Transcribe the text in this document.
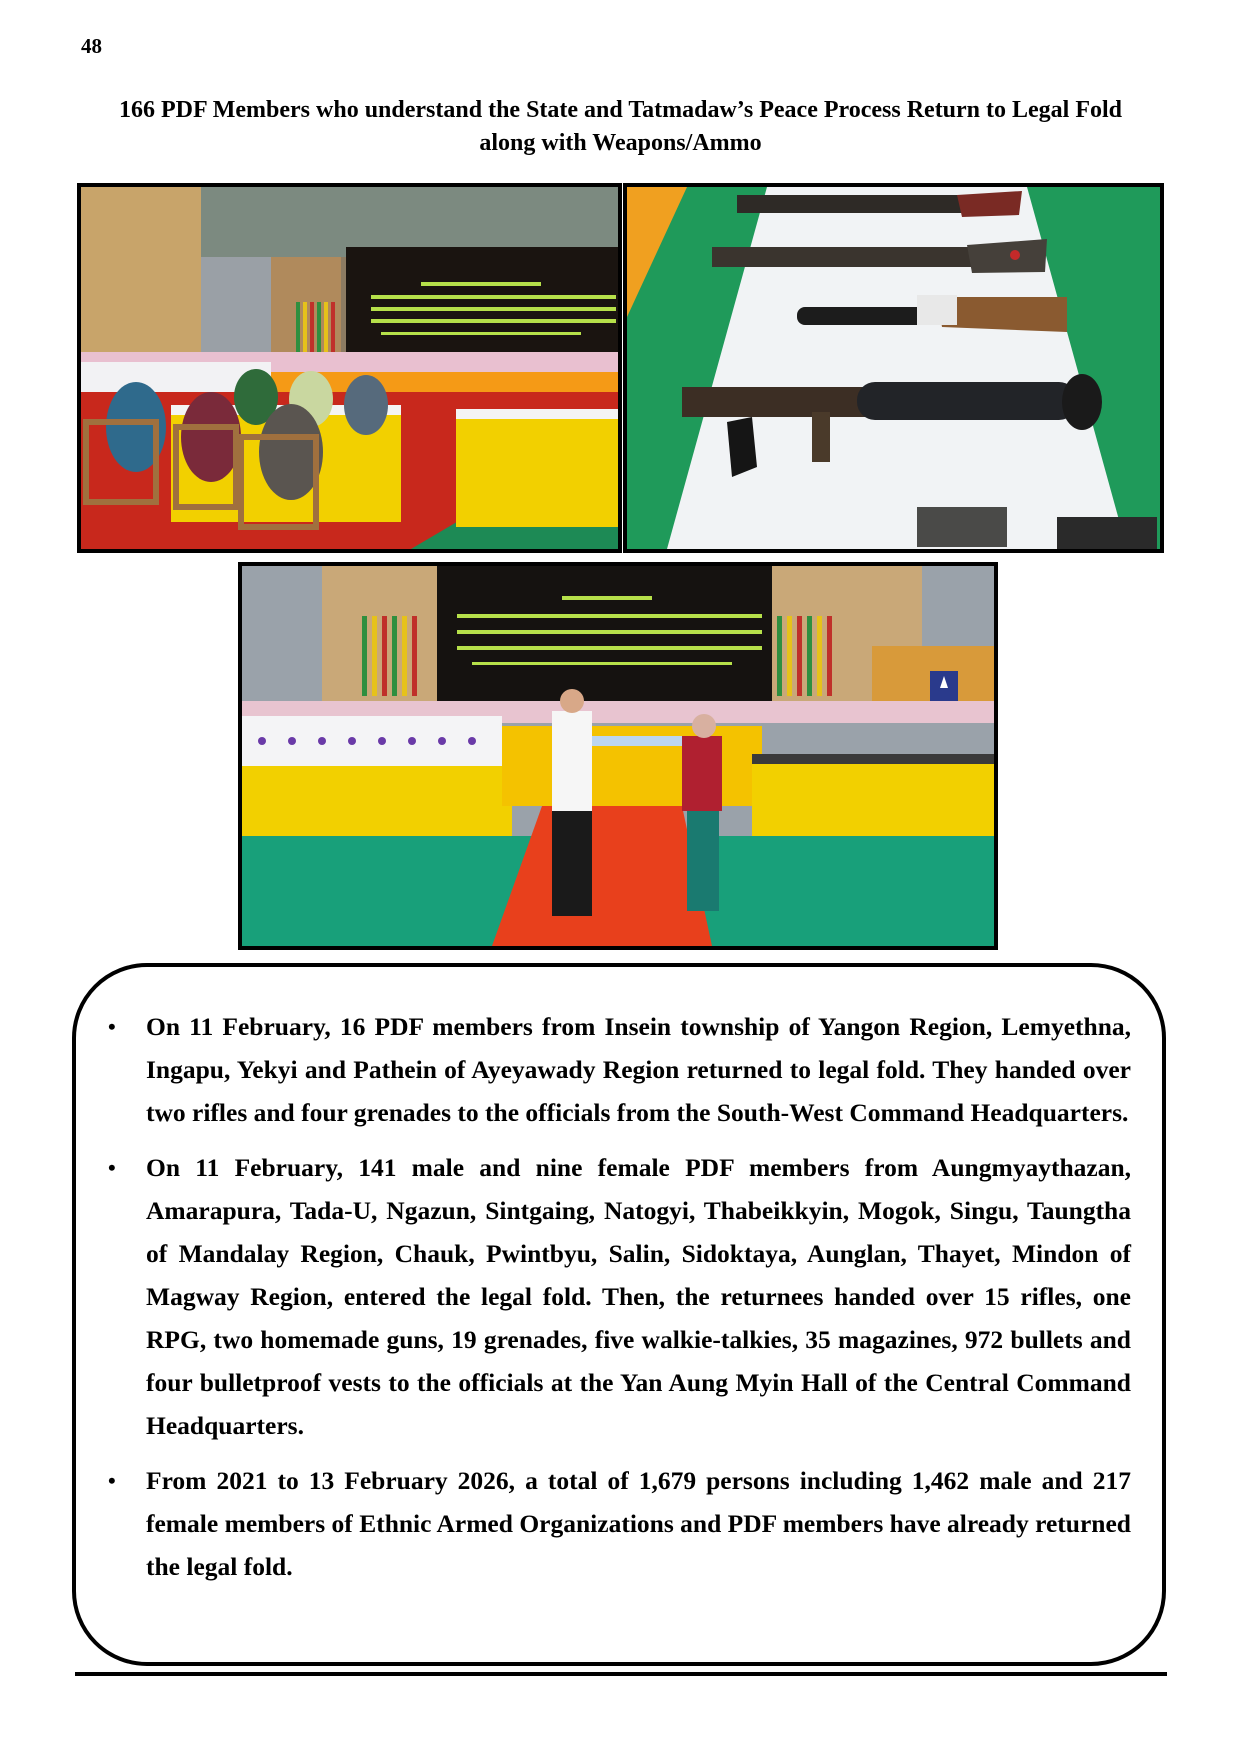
48
166 PDF Members who understand the State and Tatmadaw’s Peace Process Return to Legal Fold
along with Weapons/Ammo
• On 11 February, 16 PDF members from Insein township of Yangon Region, Lemyethna, Ingapu, Yekyi and Pathein of Ayeyawady Region returned to legal fold. They handed over two rifles and four grenades to the officials from the South-West Command Headquarters.
• On 11 February, 141 male and nine female PDF members from Aungmyaythazan, Amarapura, Tada-U, Ngazun, Sintgaing, Natogyi, Thabeikkyin, Mogok, Singu, Taungtha of Mandalay Region, Chauk, Pwintbyu, Salin, Sidoktaya, Aunglan, Thayet, Mindon of Magway Region, entered the legal fold. Then, the returnees handed over 15 rifles, one RPG, two homemade guns, 19 grenades, five walkie-talkies, 35 magazines, 972 bullets and four bulletproof vests to the officials at the Yan Aung Myin Hall of the Central Command Headquarters.
• From 2021 to 13 February 2026, a total of 1,679 persons including 1,462 male and 217 female members of Ethnic Armed Organizations and PDF members have already returned the legal fold.
